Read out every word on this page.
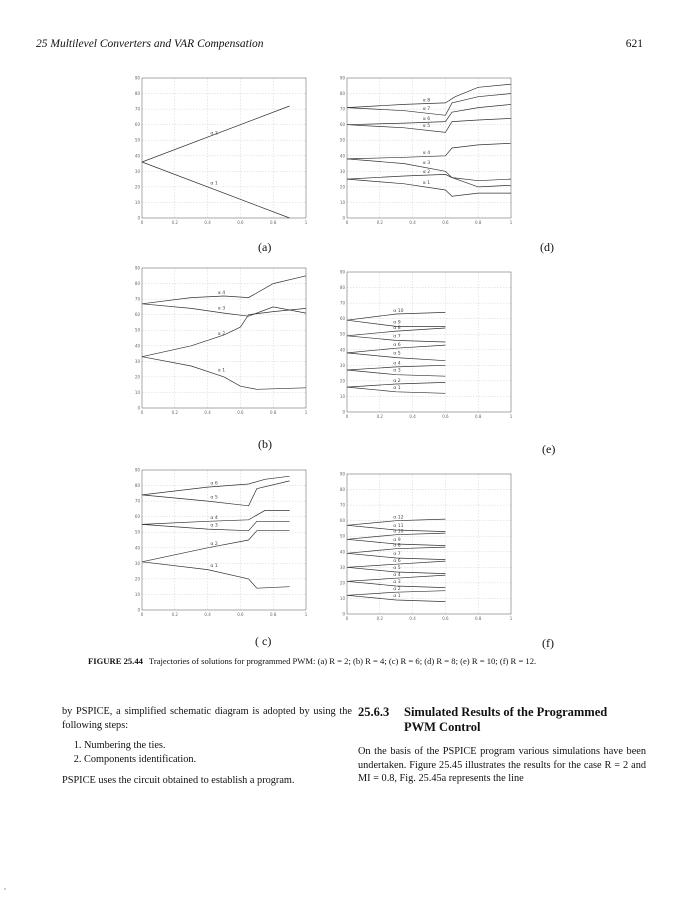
25 Multilevel Converters and VAR Compensation	621
0	0.2	0.4	0.6	0.8	1
0
10
20
30
40
50
60
70
80
90
α 2
α 1
0	0.2	0.4	0.6	0.8	1
0
10
20
30
40
50
60
70
80
90
α 8
α 7
α 6
α 5
α 4
α 3
α 2
α 1
0	0.2	0.4	0.6	0.8	1
0
10
20
30
40
50
60
70
80
90
α 4
α 3
α 2
α 1
0	0.2	0.4	0.6	0.8	1
0
10
20
30
40
50
60
70
80
90
α 10
α 9
α 8
α 7
α 6
α 5
α 4
α 3
α 2
α 1
0	0.2	0.4	0.6	0.8	1
0
10
20
30
40
50
60
70
80
90
α 6
α 5
α 4
α 3
α 2
α 1
0	0.2	0.4	0.6	0.8	1
0
10
20
30
40
50
60
70
80
90
α 12
α 11
α 10
α 9
α 8
α 7
α 6
α 5
α 4
α 3
α 2
α 1
(a)	(d)
(b)	(e)
( c)	(f)
FIGURE 25.44 Trajectories of solutions for programmed PWM: (a) R = 2; (b) R = 4; (c) R = 6; (d) R = 8; (e) R = 10; (f) R = 12.

by PSPICE, a simplified schematic diagram is adopted by using the following steps:

1. Numbering the ties.
2. Components identification.

PSPICE uses the circuit obtained to establish a program.

25.6.3 Simulated Results of the Programmed
PWM Control

On the basis of the PSPICE program various simulations have been undertaken. Figure 25.45 illustrates the results for the case R = 2 and MI = 0.8, Fig. 25.45a represents the line
